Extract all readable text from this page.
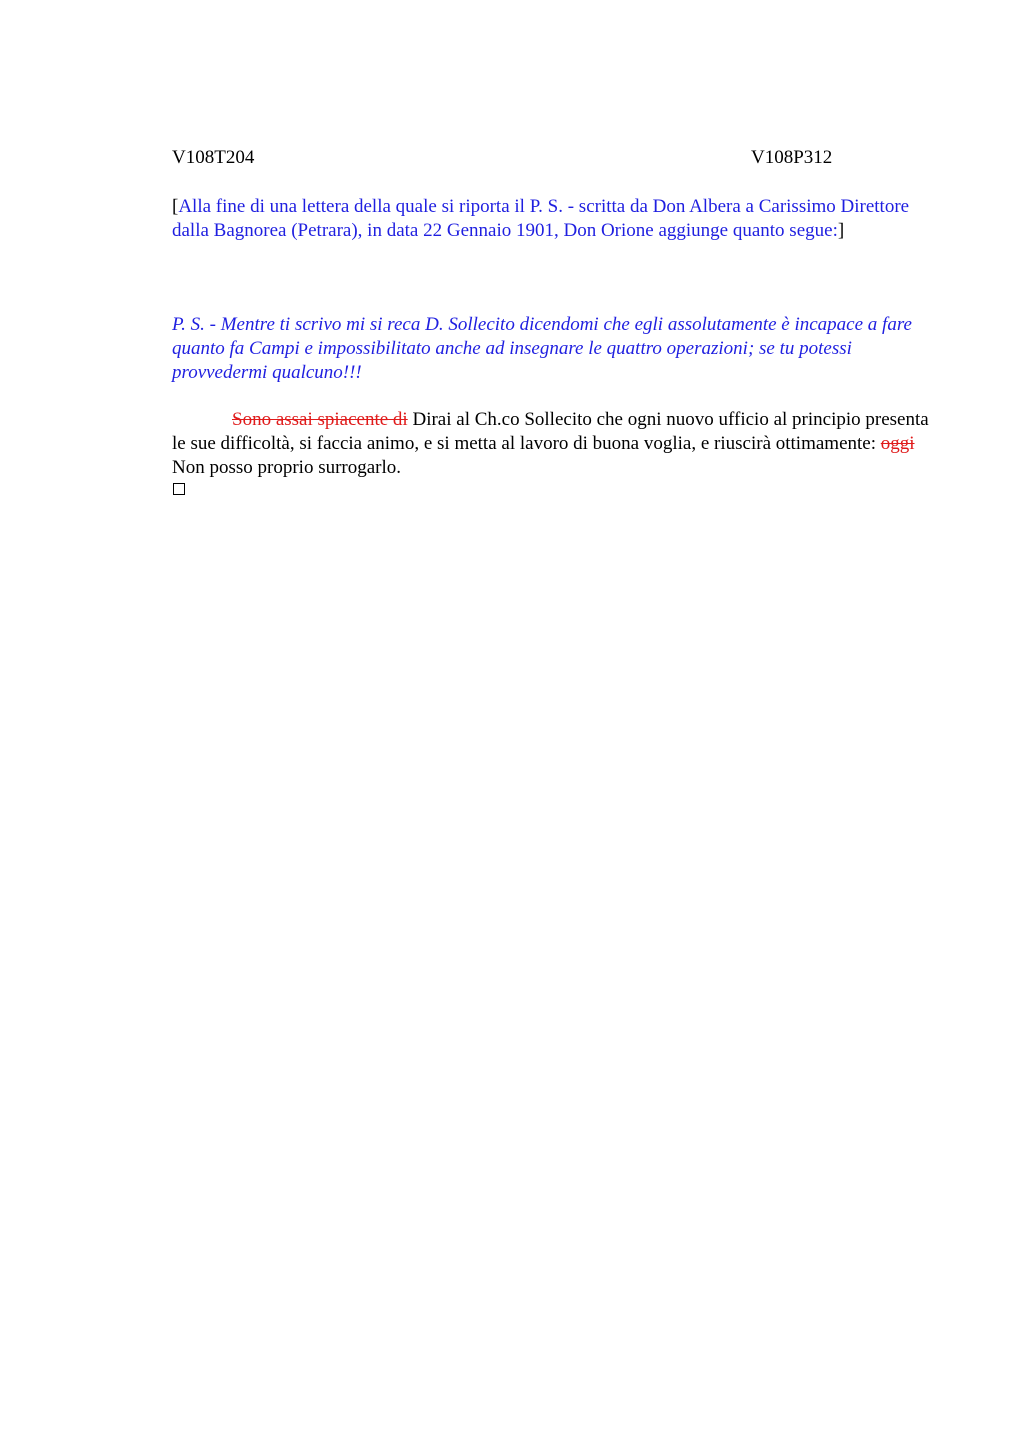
V108T204	V108P312
[Alla fine di una lettera della quale si riporta il P. S. - scritta da Don Albera a Carissimo Direttore dalla Bagnorea (Petrara), in data 22 Gennaio 1901, Don Orione aggiunge quanto segue:]
P. S. - Mentre ti scrivo mi si reca D. Sollecito dicendomi che egli assolutamente è incapace a fare quanto fa Campi e impossibilitato anche ad insegnare le quattro operazioni; se tu potessi provvedermi qualcuno!!!
Sono assai spiacente di Dirai al Ch.co Sollecito che ogni nuovo ufficio al principio presenta le sue difficoltà, si faccia animo, e si metta al lavoro di buona voglia, e riuscirà ottimamente: oggi Non posso proprio surrogarlo.
